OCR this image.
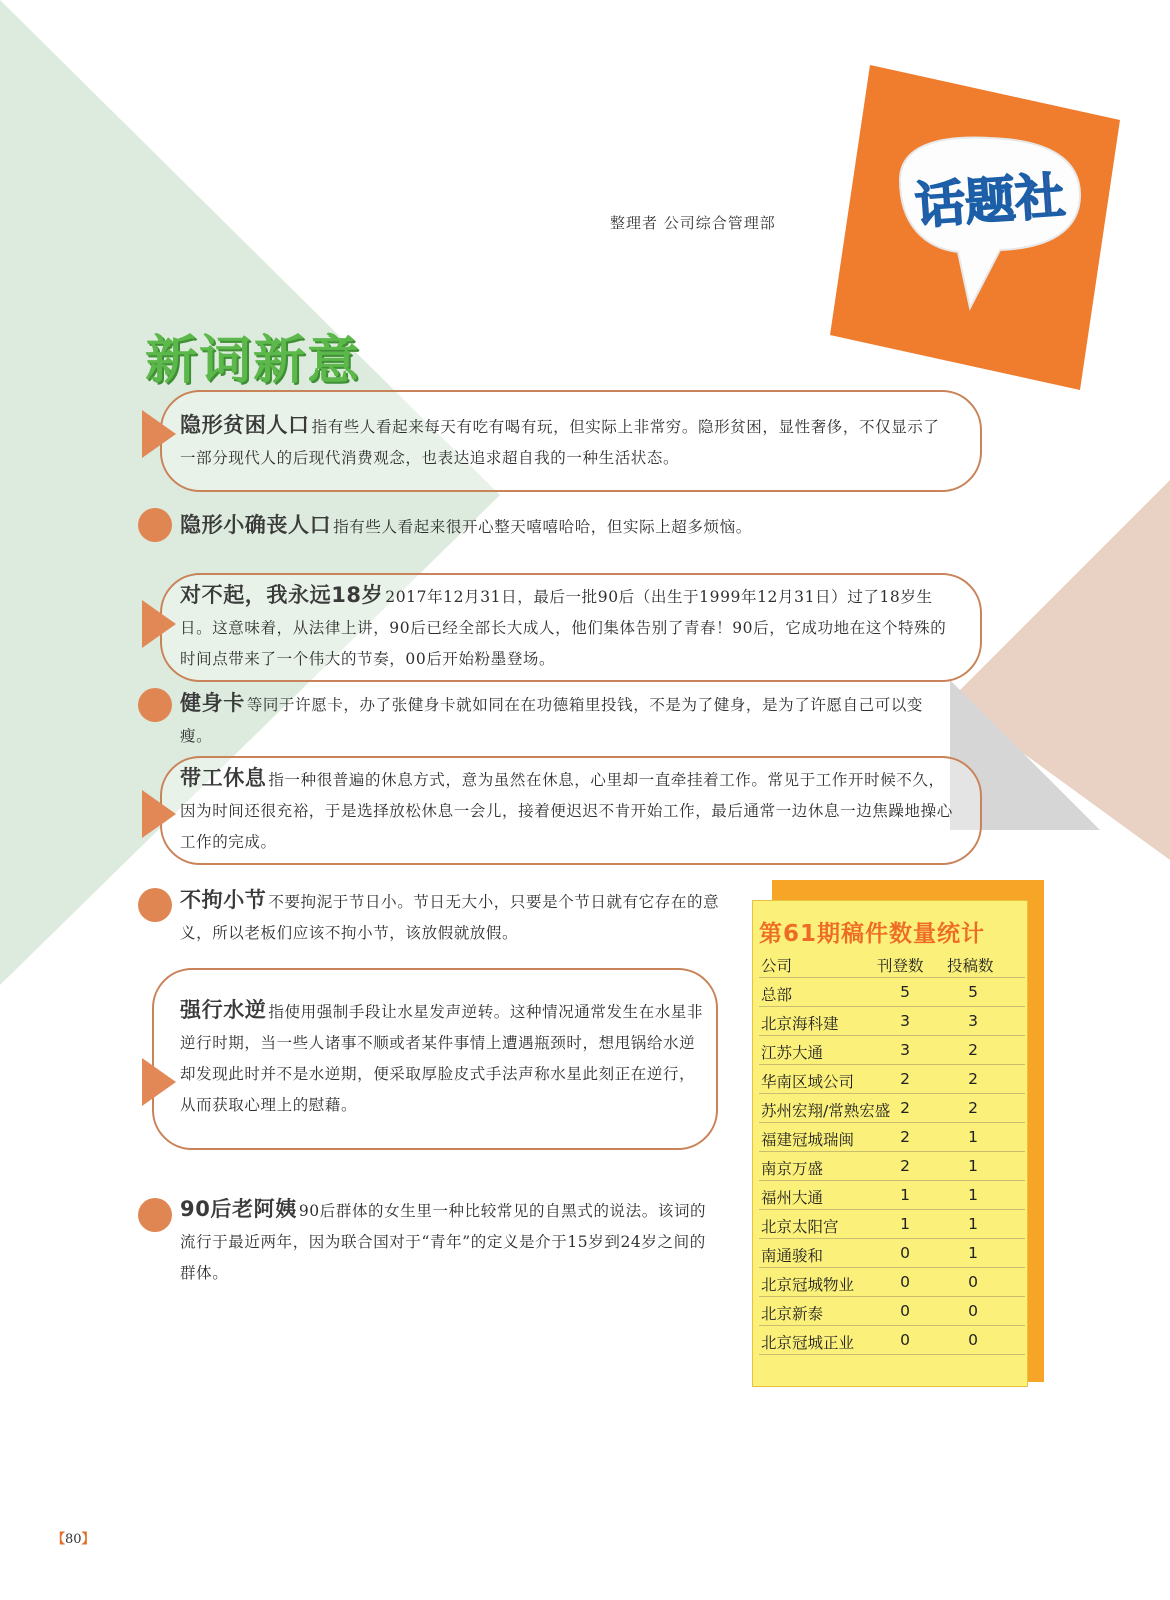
整理者 公司综合管理部	话题社
新词新意
隐形贫困人口 指有些人看起来每天有吃有喝有玩，但实际上非常穷。隐形贫困，显性奢侈，不仅显示了一部分现代人的后现代消费观念，也表达追求超自我的一种生活状态。
隐形小确丧人口 指有些人看起来很开心整天嘻嘻哈哈，但实际上超多烦恼。
对不起，我永远18岁 2017年12月31日，最后一批90后（出生于1999年12月31日）过了18岁生日。这意味着，从法律上讲，90后已经全部长大成人，他们集体告别了青春！90后，它成功地在这个特殊的时间点带来了一个伟大的节奏，00后开始粉墨登场。
健身卡 等同于许愿卡，办了张健身卡就如同在在功德箱里投钱，不是为了健身，是为了许愿自己可以变瘦。
带工休息 指一种很普遍的休息方式，意为虽然在休息，心里却一直牵挂着工作。常见于工作开时候不久，因为时间还很充裕，于是选择放松休息一会儿，接着便迟迟不肯开始工作，最后通常一边休息一边焦躁地操心工作的完成。
不拘小节 不要拘泥于节日小。节日无大小，只要是个节日就有它存在的意义，所以老板们应该不拘小节，该放假就放假。
强行水逆 指使用强制手段让水星发声逆转。这种情况通常发生在水星非逆行时期，当一些人诸事不顺或者某件事情上遭遇瓶颈时，想甩锅给水逆却发现此时并不是水逆期，便采取厚脸皮式手法声称水星此刻正在逆行，从而获取心理上的慰藉。
90后老阿姨 90后群体的女生里一种比较常见的自黑式的说法。该词的流行于最近两年，因为联合国对于“青年”的定义是介于15岁到24岁之间的群体。
第61期稿件数量统计
公司	刊登数 投稿数
总部	5	5
北京海科建	3	3
江苏大通	3	2
华南区域公司	2	2
苏州宏翔/常熟宏盛 2	2
福建冠城瑞闽	2	1
南京万盛	2	1
福州大通	1	1
北京太阳宫	1	1
南通骏和	0	1
北京冠城物业	0	0
北京新泰	0	0
北京冠城正业	0	0
【80】
